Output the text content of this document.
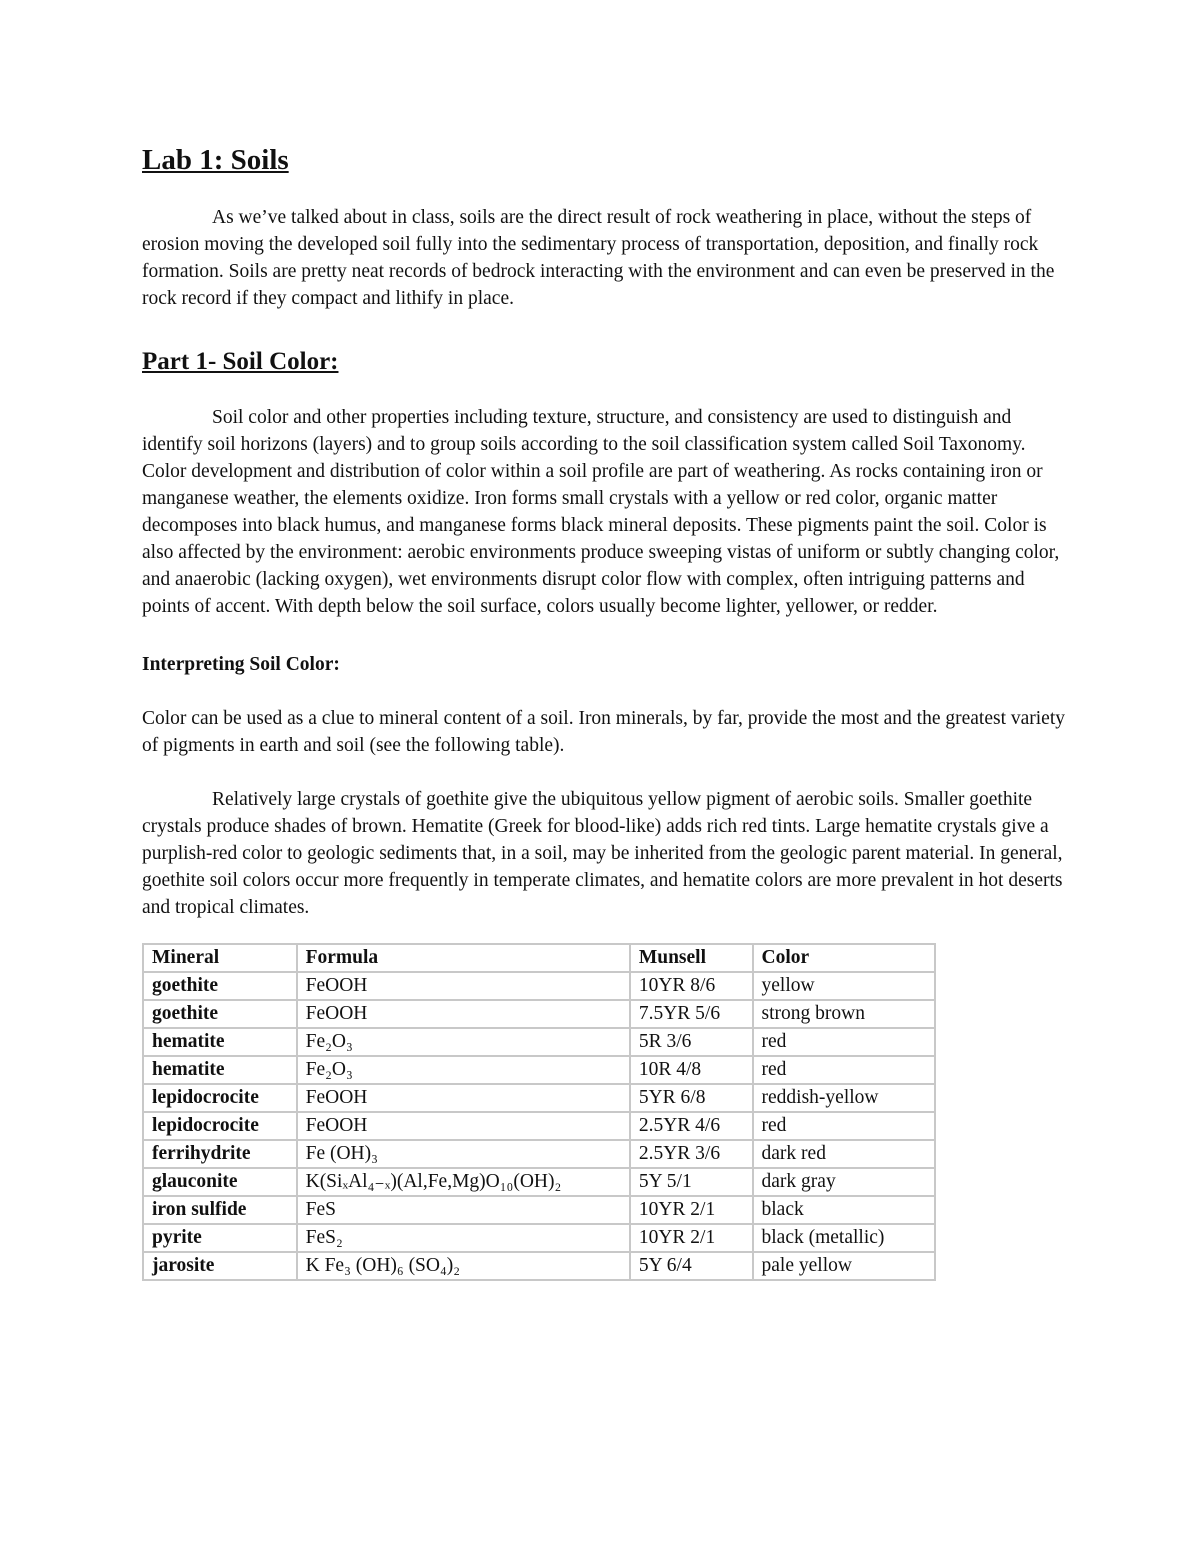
Lab 1: Soils

As we’ve talked about in class, soils are the direct result of rock weathering in place, without the steps of erosion moving the developed soil fully into the sedimentary process of transportation, deposition, and finally rock formation. Soils are pretty neat records of bedrock interacting with the environment and can even be preserved in the rock record if they compact and lithify in place.

Part 1- Soil Color:

Soil color and other properties including texture, structure, and consistency are used to distinguish and identify soil horizons (layers) and to group soils according to the soil classification system called Soil Taxonomy. Color development and distribution of color within a soil profile are part of weathering. As rocks containing iron or manganese weather, the elements oxidize. Iron forms small crystals with a yellow or red color, organic matter decomposes into black humus, and manganese forms black mineral deposits. These pigments paint the soil. Color is also affected by the environment: aerobic environments produce sweeping vistas of uniform or subtly changing color, and anaerobic (lacking oxygen), wet environments disrupt color flow with complex, often intriguing patterns and points of accent. With depth below the soil surface, colors usually become lighter, yellower, or redder.

Interpreting Soil Color:

Color can be used as a clue to mineral content of a soil. Iron minerals, by far, provide the most and the greatest variety of pigments in earth and soil (see the following table).

Relatively large crystals of goethite give the ubiquitous yellow pigment of aerobic soils. Smaller goethite crystals produce shades of brown. Hematite (Greek for blood-like) adds rich red tints. Large hematite crystals give a purplish-red color to geologic sediments that, in a soil, may be inherited from the geologic parent material. In general, goethite soil colors occur more frequently in temperate climates, and hematite colors are more prevalent in hot deserts and tropical climates.

Mineral	Formula	Munsell	Color
goethite	FeOOH	10YR 8/6	yellow
goethite	FeOOH	7.5YR 5/6	strong brown
hematite	Fe₂O₃	5R 3/6	red
hematite	Fe₂O₃	10R 4/8	red
lepidocrocite	FeOOH	5YR 6/8	reddish-yellow
lepidocrocite	FeOOH	2.5YR 4/6	red
ferrihydrite	Fe (OH)₃	2.5YR 3/6	dark red
glauconite	K(SiₓAl₄₋ₓ)(Al,Fe,Mg)O₁₀(OH)₂	5Y 5/1	dark gray
iron sulfide	FeS	10YR 2/1	black
pyrite	FeS₂	10YR 2/1	black (metallic)
jarosite	K Fe₃ (OH)₆ (SO₄)₂	5Y 6/4	pale yellow
